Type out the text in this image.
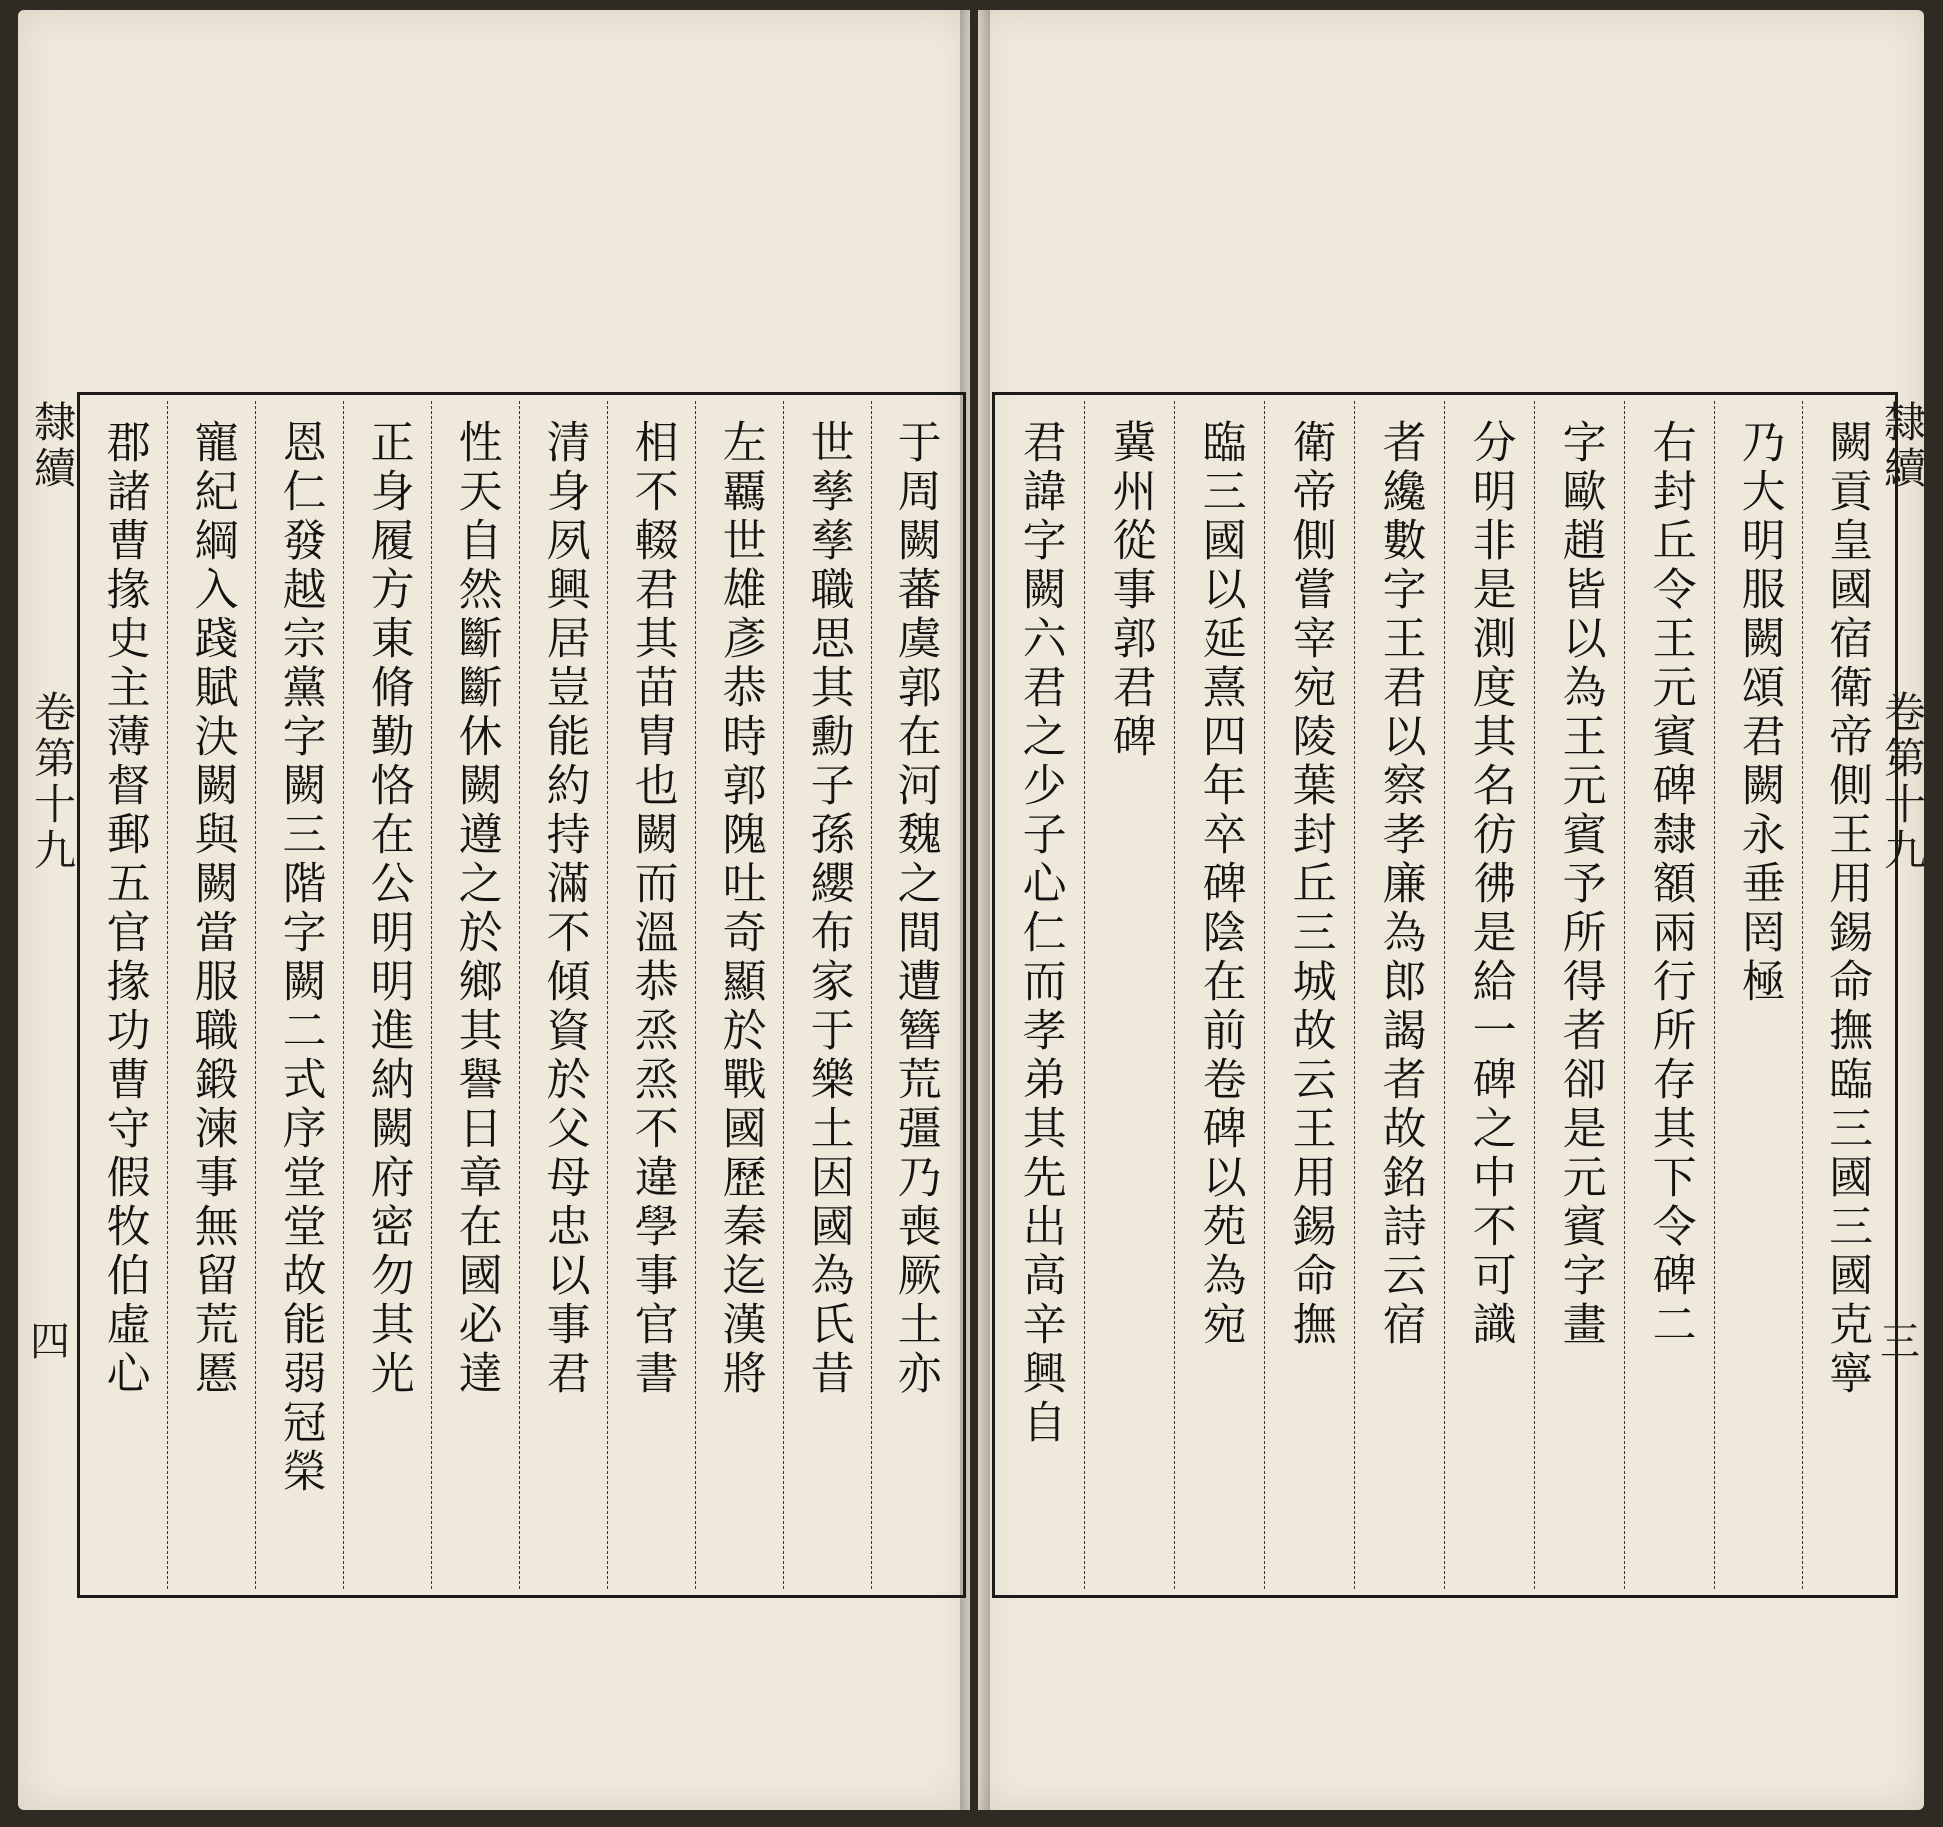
隸續
卷第十九
四
隸續
卷第十九
三
郡諸曹掾史主薄督郵五官掾功曹守假牧伯虛心 寵紀綱入踐賦決闕與闕當服職鍛湅事無留荒慝 恩仁發越宗黨字闕三階字闕二式序堂堂故能弱冠榮 正身履方東脩勤恪在公明明進納闕府密勿其光 性天自然斷斷休闕遵之於鄉其譽日章在國必達 清身夙興居豈能約持滿不傾資於父母忠以事君 相不輟君其苗胄也闕而溫恭烝烝不違學事官書 左覊世雄彥恭時郭隗吐奇顯於戰國歷秦迄漢將 世孳孳職思其勳子孫纓布家于樂土因國為氏昔 于周闕蕃虞郭在河魏之間遭簪荒彊乃喪厥土亦 君諱字闕六君之少子心仁而孝弟其先出高辛興自 冀州從事郭君碑 臨三國以延熹四年卒碑陰在前卷碑以苑為宛 衛帝側嘗宰宛陵葉封丘三城故云王用錫命撫 者纔數字王君以察孝廉為郎謁者故銘詩云宿 分明非是測度其名彷彿是給一碑之中不可識 字歐趙皆以為王元賓予所得者卻是元賓字畫 右封丘令王元賓碑隸額兩行所存其下令碑二 乃大明服闕頌君闕永垂罔極 闕貢皇國宿衛帝側王用錫命撫臨三國三國克寧
